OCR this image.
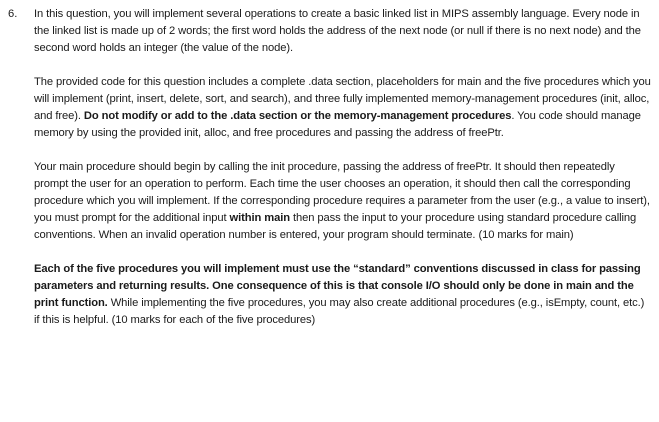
6. In this question, you will implement several operations to create a basic linked list in MIPS assembly language. Every node in the linked list is made up of 2 words; the first word holds the address of the next node (or null if there is no next node) and the second word holds an integer (the value of the node).

The provided code for this question includes a complete .data section, placeholders for main and the five procedures which you will implement (print, insert, delete, sort, and search), and three fully implemented memory-management procedures (init, alloc, and free). Do not modify or add to the .data section or the memory-management procedures. You code should manage memory by using the provided init, alloc, and free procedures and passing the address of freePtr.

Your main procedure should begin by calling the init procedure, passing the address of freePtr. It should then repeatedly prompt the user for an operation to perform. Each time the user chooses an operation, it should then call the corresponding procedure which you will implement. If the corresponding procedure requires a parameter from the user (e.g., a value to insert), you must prompt for the additional input within main then pass the input to your procedure using standard procedure calling conventions. When an invalid operation number is entered, your program should terminate. (10 marks for main)

Each of the five procedures you will implement must use the “standard” conventions discussed in class for passing parameters and returning results. One consequence of this is that console I/O should only be done in main and the print function. While implementing the five procedures, you may also create additional procedures (e.g., isEmpty, count, etc.) if this is helpful. (10 marks for each of the five procedures)
